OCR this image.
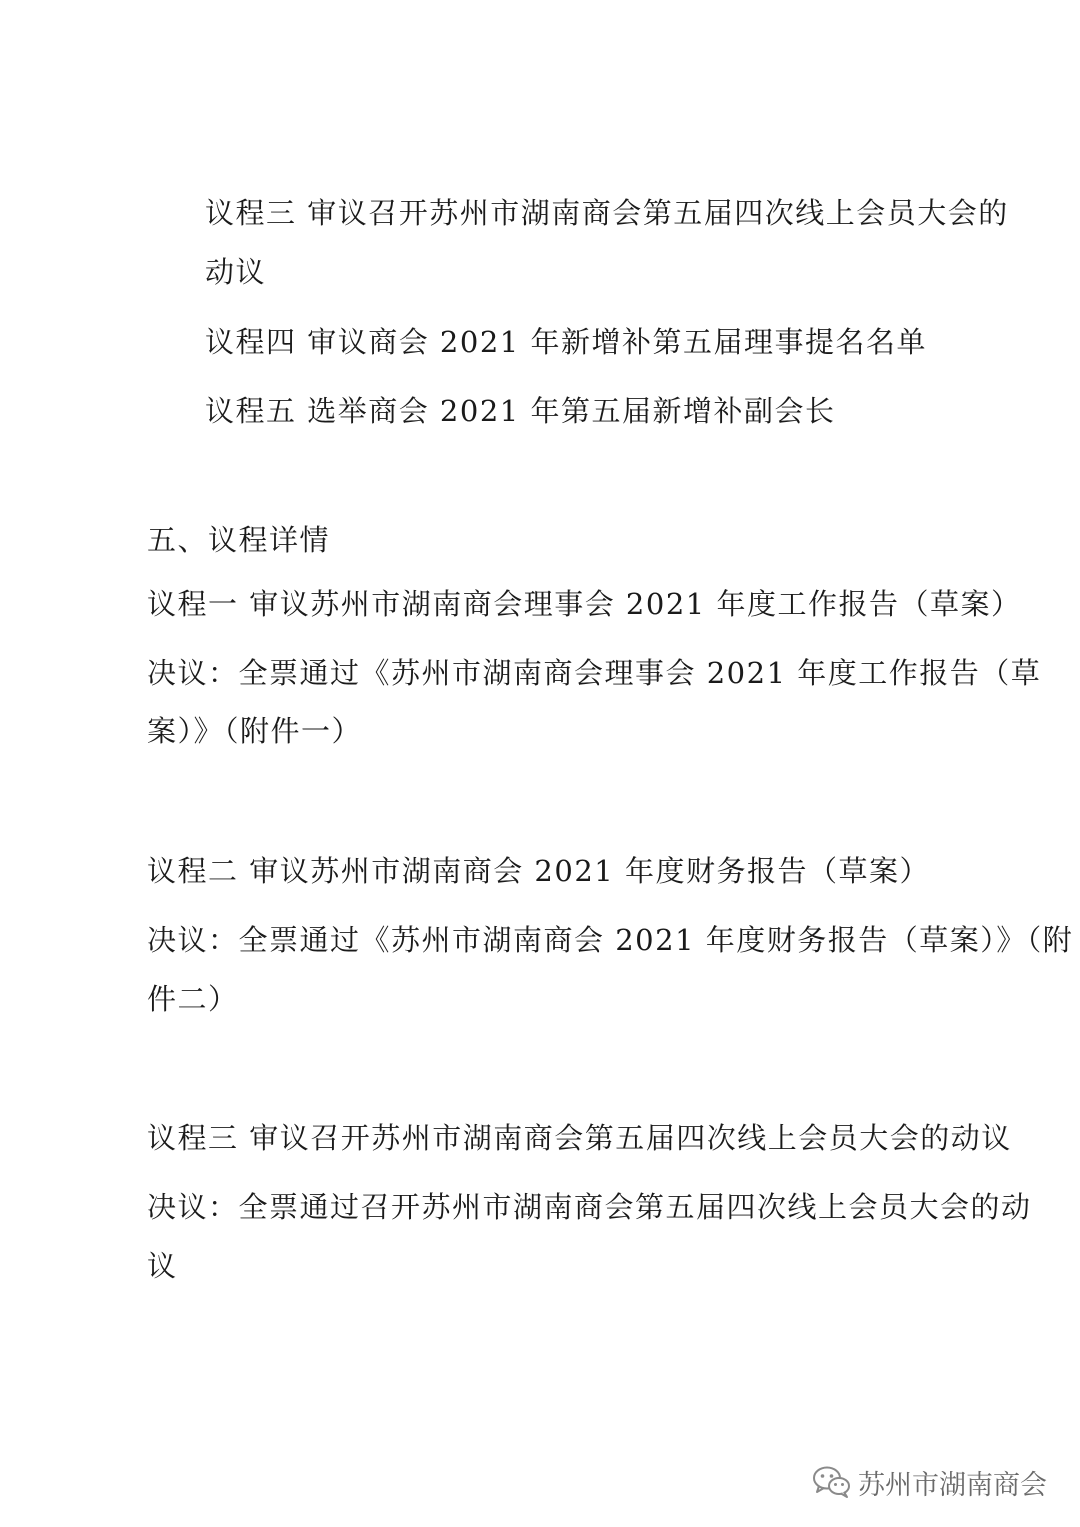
议程三 审议召开苏州市湖南商会第五届四次线上会员大会的
动议
议程四 审议商会 2021 年新增补第五届理事提名名单
议程五 选举商会 2021 年第五届新增补副会长
五、议程详情
议程一 审议苏州市湖南商会理事会 2021 年度工作报告（草案）
决议：全票通过《苏州市湖南商会理事会 2021 年度工作报告（草
案）》（附件一）
议程二 审议苏州市湖南商会 2021 年度财务报告（草案）
决议：全票通过《苏州市湖南商会 2021 年度财务报告（草案）》（附
件二）
议程三 审议召开苏州市湖南商会第五届四次线上会员大会的动议
决议：全票通过召开苏州市湖南商会第五届四次线上会员大会的动
议
苏州市湖南商会
